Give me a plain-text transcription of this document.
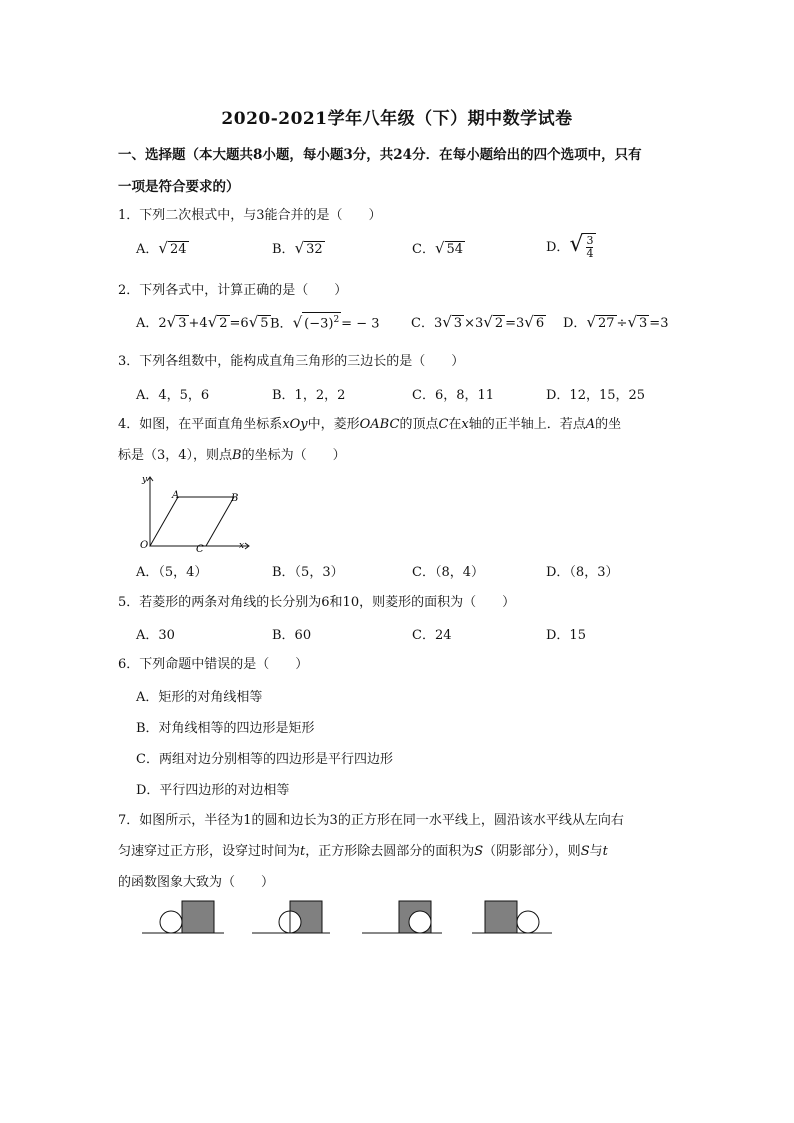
2020-2021学年八年级（下）期中数学试卷
一、选择题（本大题共8小题，每小题3分，共24分．在每小题给出的四个选项中，只有
一项是符合要求的）
1．下列二次根式中，与3能合并的是（　　）
A．√ 24	B．√ 32	C．√ 54	D．√ $\frac{3}{4}$
2．下列各式中，计算正确的是（　　）
A．2√ 3 +4√ 2 =6√ 5 B．√ $(-3)^2$ = − 3 C．3√ 3 ×3√ 2 =3√ 6 D．√ 27 ÷√ 3 =3
3．下列各组数中，能构成直角三角形的三边长的是（　　）
A．4，5，6	B．1，2，2	C．6，8，11	D．12，15，25
4．如图，在平面直角坐标系xOy中，菱形OABC的顶点C在x轴的正半轴上．若点A的坐
标是（3，4），则点B的坐标为（　　）
y
x
O
A	B
C
A．（5，4）	B．（5，3）	C．（8，4）	D．（8，3）
5．若菱形的两条对角线的长分别为6和10，则菱形的面积为（　　）
A．30	B．60	C．24	D．15
6．下列命题中错误的是（　　）
A．矩形的对角线相等
B．对角线相等的四边形是矩形
C．两组对边分别相等的四边形是平行四边形
D．平行四边形的对边相等
7．如图所示，半径为1的圆和边长为3的正方形在同一水平线上，圆沿该水平线从左向右
匀速穿过正方形，设穿过时间为t，正方形除去圆部分的面积为S（阴影部分），则S与t
的函数图象大致为（　　）
